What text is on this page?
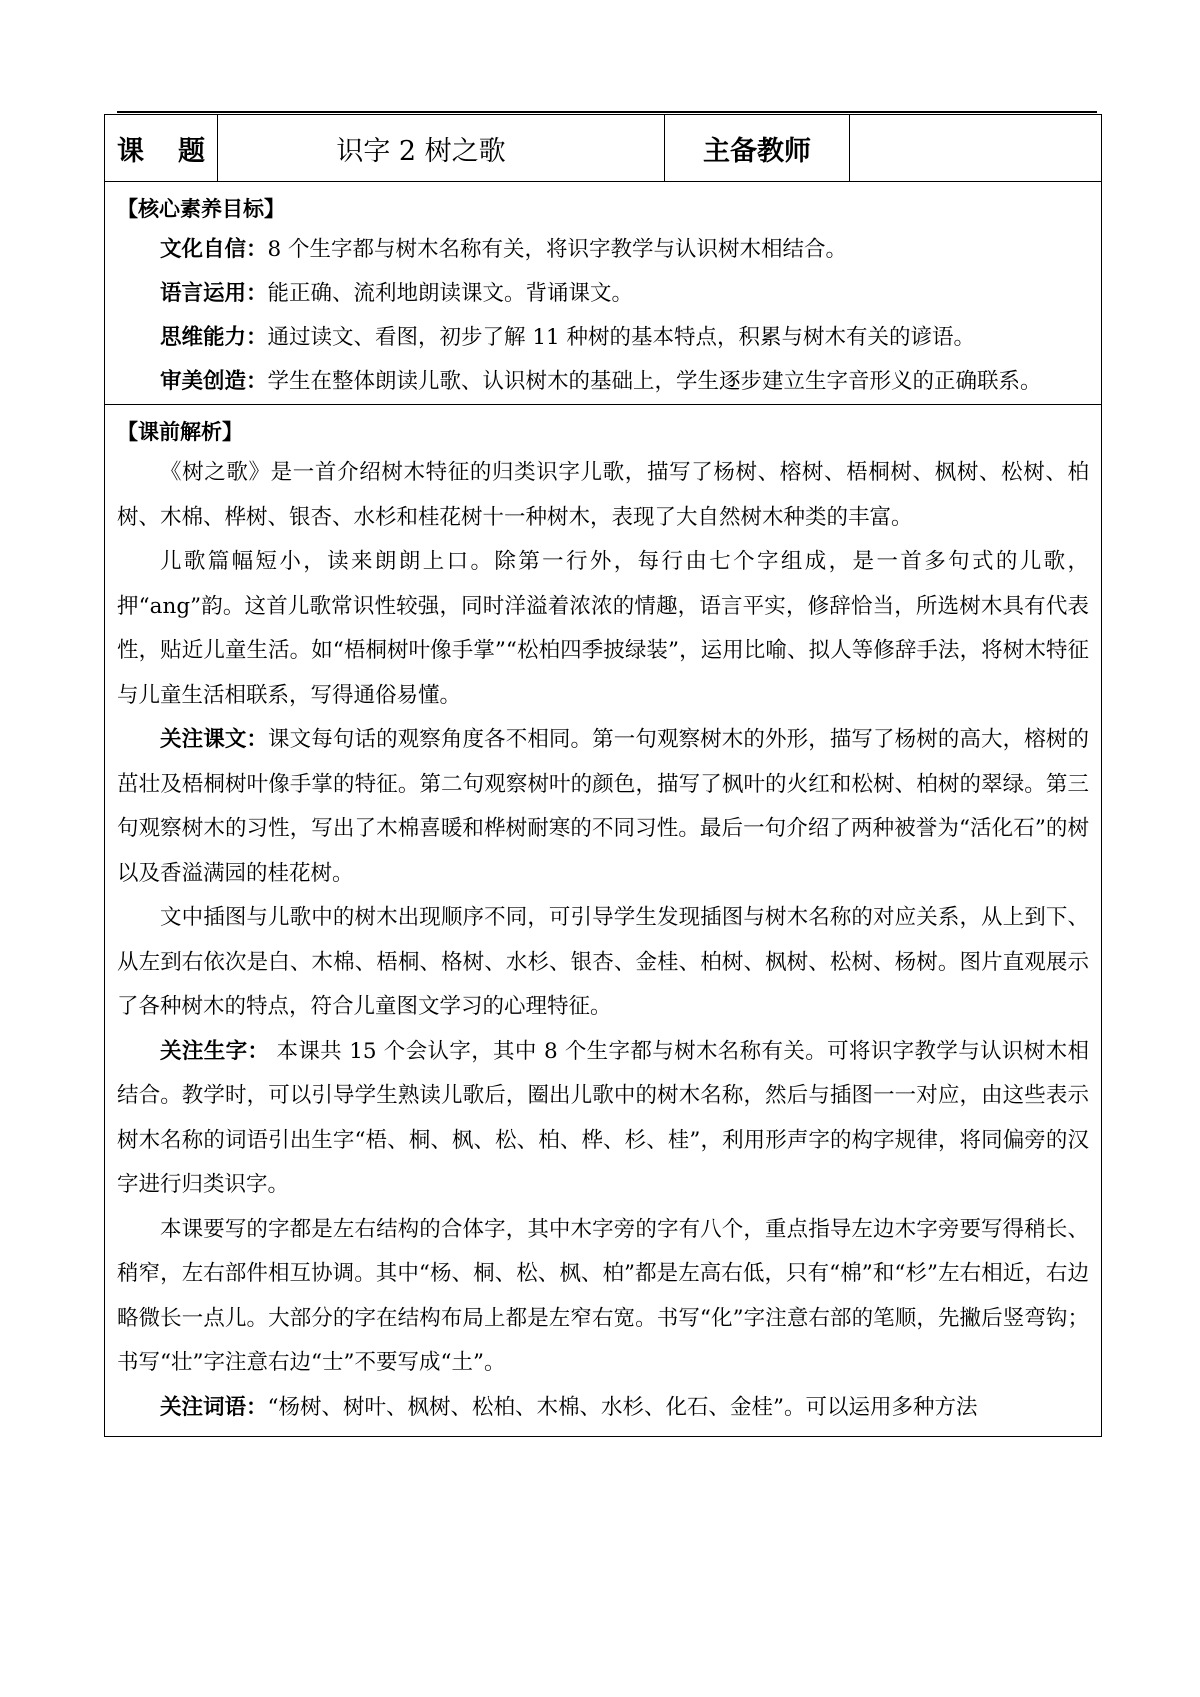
课 题	识字 2 树之歌	主备教师
【核心素养目标】

文化自信：8 个生字都与树木名称有关，将识字教学与认识树木相结合。

语言运用：能正确、流利地朗读课文。背诵课文。

思维能力：通过读文、看图，初步了解 11 种树的基本特点，积累与树木有关的谚语。

审美创造：学生在整体朗读儿歌、认识树木的基础上，学生逐步建立生字音形义的正确联系。

【课前解析】

《树之歌》是一首介绍树木特征的归类识字儿歌，描写了杨树、榕树、梧桐树、枫树、松树、柏树、木棉、桦树、银杏、水杉和桂花树十一种树木，表现了大自然树木种类的丰富。

儿歌篇幅短小，读来朗朗上口。除第一行外，每行由七个字组成，是一首多句式的儿歌，押“ang”韵。这首儿歌常识性较强，同时洋溢着浓浓的情趣，语言平实，修辞恰当，所选树木具有代表性，贴近儿童生活。如“梧桐树叶像手掌”“松柏四季披绿装”，运用比喻、拟人等修辞手法，将树木特征与儿童生活相联系，写得通俗易懂。

关注课文：课文每句话的观察角度各不相同。第一句观察树木的外形，描写了杨树的高大，榕树的茁壮及梧桐树叶像手掌的特征。第二句观察树叶的颜色，描写了枫叶的火红和松树、柏树的翠绿。第三句观察树木的习性，写出了木棉喜暖和桦树耐寒的不同习性。最后一句介绍了两种被誉为“活化石”的树以及香溢满园的桂花树。

文中插图与儿歌中的树木出现顺序不同，可引导学生发现插图与树木名称的对应关系，从上到下、从左到右依次是白、木棉、梧桐、格树、水杉、银杏、金桂、柏树、枫树、松树、杨树。图片直观展示了各种树木的特点，符合儿童图文学习的心理特征。

关注生字： 本课共 15 个会认字，其中 8 个生字都与树木名称有关。可将识字教学与认识树木相结合。教学时，可以引导学生熟读儿歌后，圈出儿歌中的树木名称，然后与插图一一对应，由这些表示树木名称的词语引出生字“梧、桐、枫、松、柏、桦、杉、桂”，利用形声字的构字规律，将同偏旁的汉字进行归类识字。

本课要写的字都是左右结构的合体字，其中木字旁的字有八个，重点指导左边木字旁要写得稍长、稍窄，左右部件相互协调。其中“杨、桐、松、枫、柏”都是左高右低，只有“棉”和“杉”左右相近，右边略微长一点儿。大部分的字在结构布局上都是左窄右宽。书写“化”字注意右部的笔顺，先撇后竖弯钩；书写“壮”字注意右边“士”不要写成“土”。

关注词语：“杨树、树叶、枫树、松柏、木棉、水杉、化石、金桂”。可以运用多种方法
